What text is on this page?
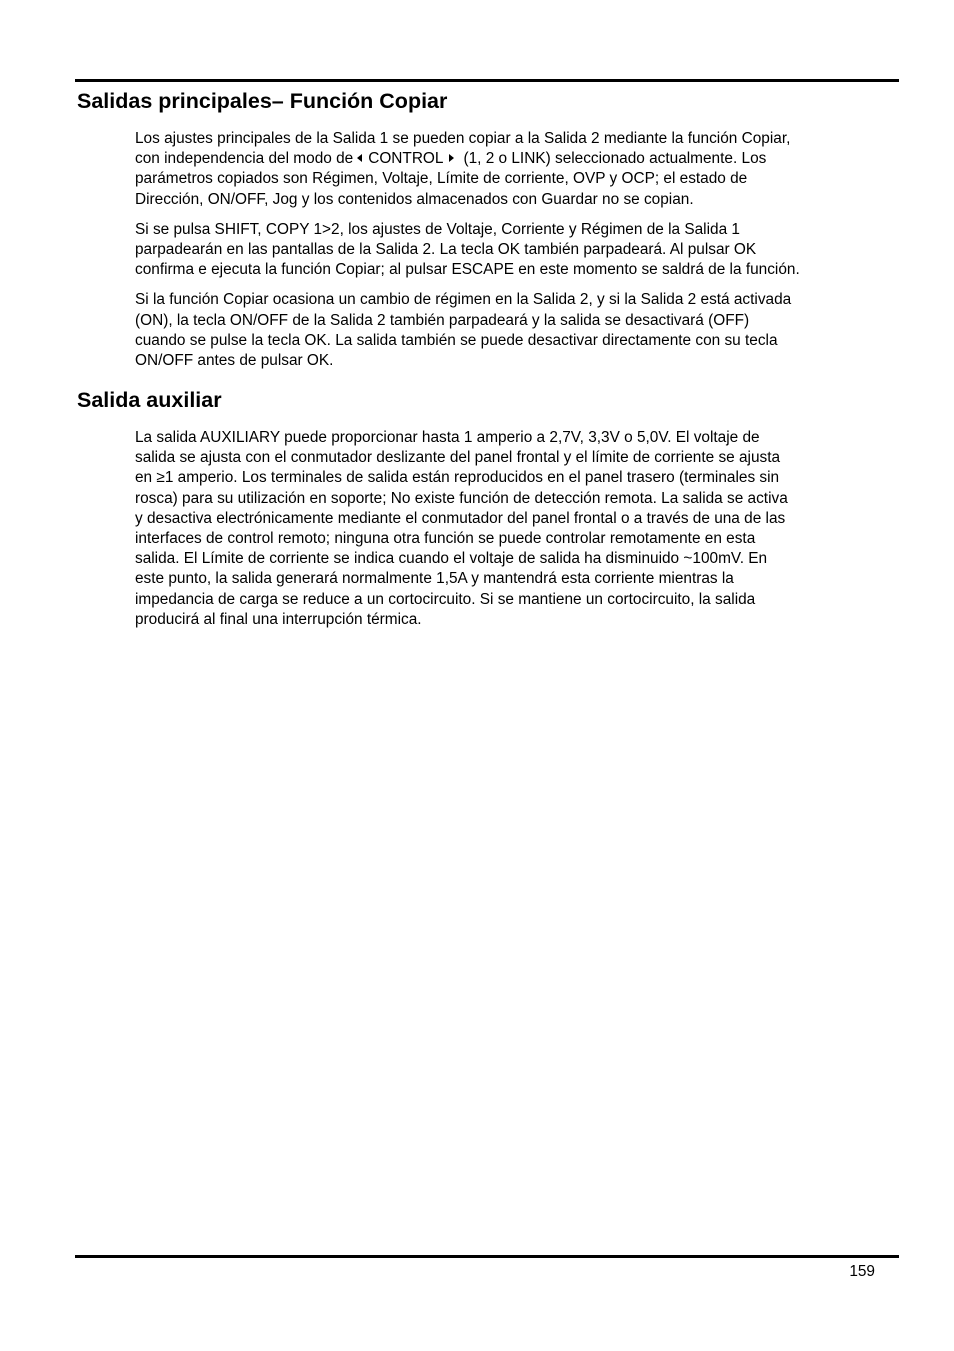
Salidas principales– Función Copiar

Los ajustes principales de la Salida 1 se pueden copiar a la Salida 2 mediante la función Copiar,
con independencia del modo de CONTROL (1, 2 o LINK) seleccionado actualmente. Los
parámetros copiados son Régimen, Voltaje, Límite de corriente, OVP y OCP; el estado de
Dirección, ON/OFF, Jog y los contenidos almacenados con Guardar no se copian.

Si se pulsa SHIFT, COPY 1>2, los ajustes de Voltaje, Corriente y Régimen de la Salida 1
parpadearán en las pantallas de la Salida 2. La tecla OK también parpadeará. Al pulsar OK
confirma e ejecuta la función Copiar; al pulsar ESCAPE en este momento se saldrá de la función.

Si la función Copiar ocasiona un cambio de régimen en la Salida 2, y si la Salida 2 está activada
(ON), la tecla ON/OFF de la Salida 2 también parpadeará y la salida se desactivará (OFF)
cuando se pulse la tecla OK. La salida también se puede desactivar directamente con su tecla
ON/OFF antes de pulsar OK.

Salida auxiliar

La salida AUXILIARY puede proporcionar hasta 1 amperio a 2,7V, 3,3V o 5,0V. El voltaje de
salida se ajusta con el conmutador deslizante del panel frontal y el límite de corriente se ajusta
en ≥1 amperio. Los terminales de salida están reproducidos en el panel trasero (terminales sin
rosca) para su utilización en soporte; No existe función de detección remota. La salida se activa
y desactiva electrónicamente mediante el conmutador del panel frontal o a través de una de las
interfaces de control remoto; ninguna otra función se puede controlar remotamente en esta
salida. El Límite de corriente se indica cuando el voltaje de salida ha disminuido ~100mV. En
este punto, la salida generará normalmente 1,5A y mantendrá esta corriente mientras la
impedancia de carga se reduce a un cortocircuito. Si se mantiene un cortocircuito, la salida
producirá al final una interrupción térmica.

159
